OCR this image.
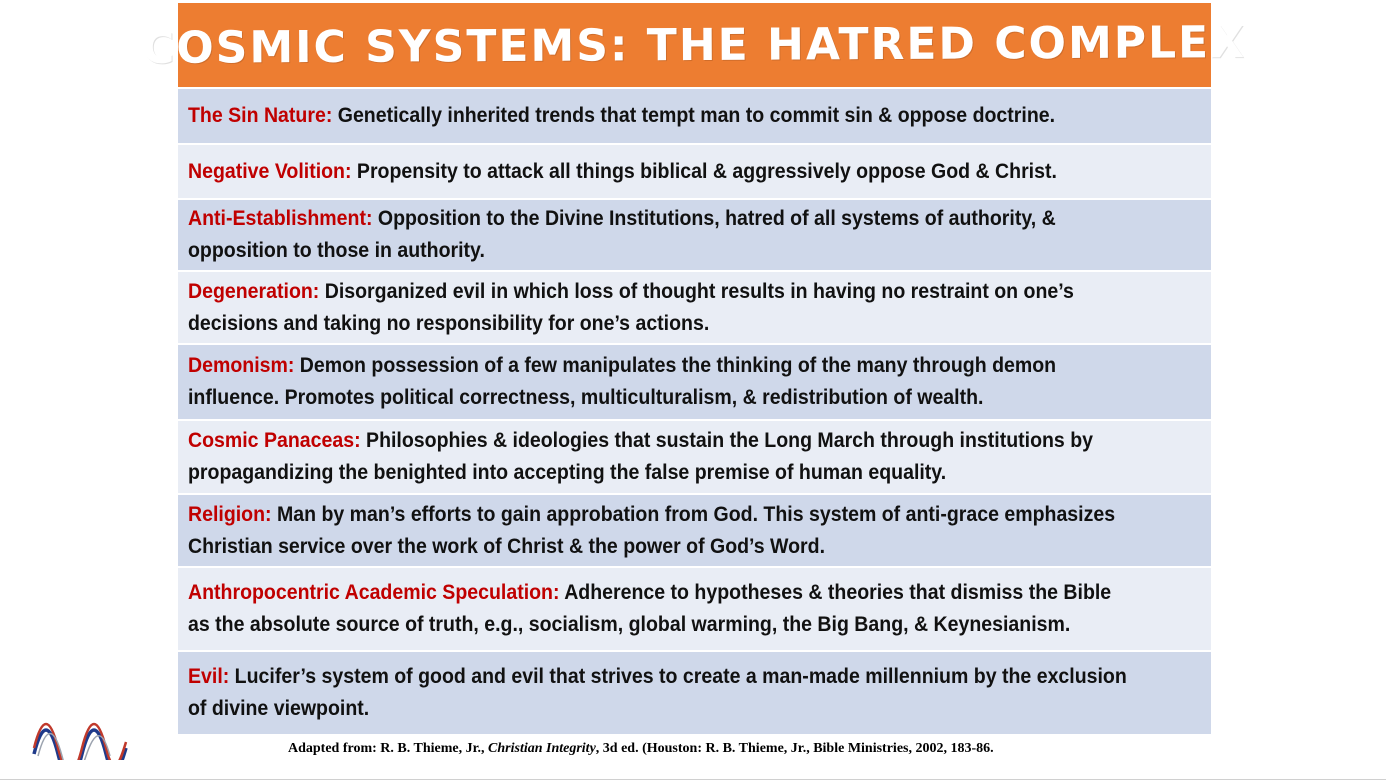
COSMIC SYSTEMS: THE HATRED COMPLEX
The Sin Nature: Genetically inherited trends that tempt man to commit sin & oppose doctrine.
Negative Volition: Propensity to attack all things biblical & aggressively oppose God & Christ.
Anti-Establishment: Opposition to the Divine Institutions, hatred of all systems of authority, & opposition to those in authority.
Degeneration: Disorganized evil in which loss of thought results in having no restraint on one’s decisions and taking no responsibility for one’s actions.
Demonism: Demon possession of a few manipulates the thinking of the many through demon influence. Promotes political correctness, multiculturalism, & redistribution of wealth.
Cosmic Panaceas: Philosophies & ideologies that sustain the Long March through institutions by propagandizing the benighted into accepting the false premise of human equality.
Religion: Man by man’s efforts to gain approbation from God. This system of anti-grace emphasizes Christian service over the work of Christ & the power of God’s Word.
Anthropocentric Academic Speculation: Adherence to hypotheses & theories that dismiss the Bible as the absolute source of truth, e.g., socialism, global warming, the Big Bang, & Keynesianism.
Evil: Lucifer’s system of good and evil that strives to create a man-made millennium by the exclusion of divine viewpoint.
Adapted from: R. B. Thieme, Jr., Christian Integrity, 3d ed. (Houston: R. B. Thieme, Jr., Bible Ministries, 2002, 183-86.
